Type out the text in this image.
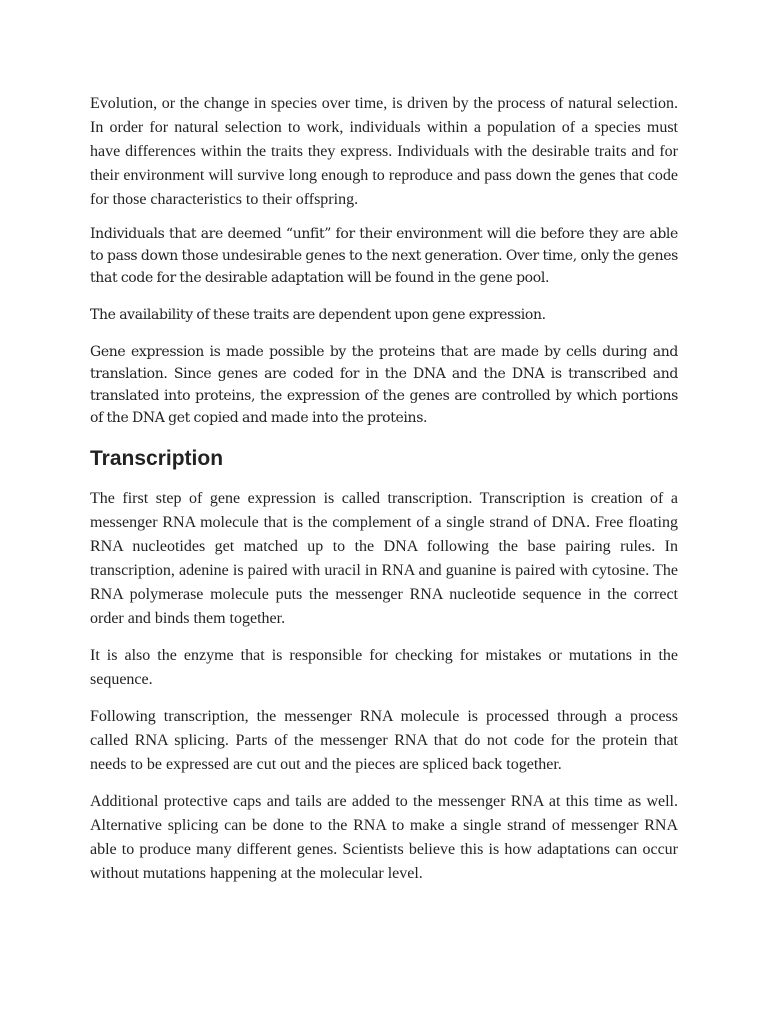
Evolution, or the change in species over time, is driven by the process of natural selection. In order for natural selection to work, individuals within a population of a species must have differences within the traits they express. Individuals with the desirable traits and for their environment will survive long enough to reproduce and pass down the genes that code for those characteristics to their offspring.

Individuals that are deemed “unfit” for their environment will die before they are able to pass down those undesirable genes to the next generation. Over time, only the genes that code for the desirable adaptation will be found in the gene pool.

The availability of these traits are dependent upon gene expression.

Gene expression is made possible by the proteins that are made by cells during and translation. Since genes are coded for in the DNA and the DNA is transcribed and translated into proteins, the expression of the genes are controlled by which portions of the DNA get copied and made into the proteins.

Transcription

The first step of gene expression is called transcription. Transcription is creation of a messenger RNA molecule that is the complement of a single strand of DNA. Free floating RNA nucleotides get matched up to the DNA following the base pairing rules. In transcription, adenine is paired with uracil in RNA and guanine is paired with cytosine. The RNA polymerase molecule puts the messenger RNA nucleotide sequence in the correct order and binds them together.

It is also the enzyme that is responsible for checking for mistakes or mutations in the sequence.

Following transcription, the messenger RNA molecule is processed through a process called RNA splicing. Parts of the messenger RNA that do not code for the protein that needs to be expressed are cut out and the pieces are spliced back together.

Additional protective caps and tails are added to the messenger RNA at this time as well. Alternative splicing can be done to the RNA to make a single strand of messenger RNA able to produce many different genes. Scientists believe this is how adaptations can occur without mutations happening at the molecular level.
